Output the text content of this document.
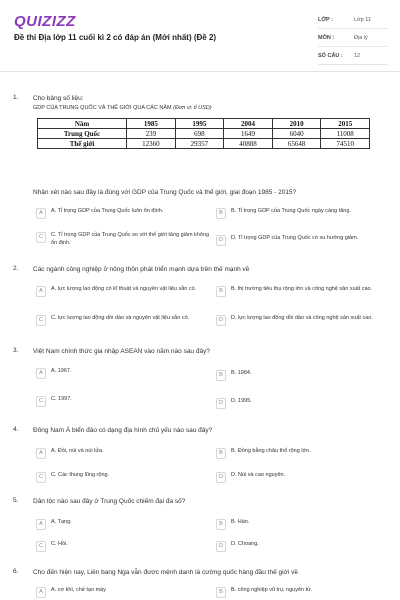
QUIZIZZ
Đề thi Địa lớp 11 cuối kì 2 có đáp án (Mới nhất) (Đề 2)
LỚP :	Lớp 11
MÔN :	Địa lý
SỐ CÂU :	12
1. Cho bảng số liệu:
GDP CỦA TRUNG QUỐC VÀ THẾ GIỚI QUA CÁC NĂM (Đơn vị: tỉ USD)
Năm	1985	1995	2004	2010	2015
Trung Quốc	239	698	1649	6040	11008
Thế giới	12360	29357	40888	65648	74510
Nhận xét nào sau đây là đúng với GDP của Trung Quốc và thế giới, giai đoạn 1985 - 2015?
A	A. Tỉ trọng GDP của Trung Quốc luôn ổn định.	B	B. Tỉ trọng GDP của Trung Quốc ngày càng tăng.
C	C. Tỉ trọng GDP của Trung Quốc so với thế giới tăng giảm không ổn định.	D	D. Tỉ trọng GDP của Trung Quốc có xu hướng giảm.
2. Các ngành công nghiệp ở nông thôn phát triển mạnh dựa trên thế mạnh về
A	A. lực lượng lao động có kĩ thuật và nguyên vật liệu sẵn có.	B	B. thị trường tiêu thụ rộng lớn và công nghệ sản xuất cao.
C	C. lực lượng lao động dồi dào và nguyên vật liệu sẵn có.	D	D. lực lượng lao động dồi dào và công nghệ sản xuất cao.
3. Việt Nam chính thức gia nhập ASEAN vào năm nào sau đây?
A	A. 1967.
B	B. 1984.
C	C. 1997.
D	D. 1995.
4. Đông Nam Á biển đảo có dạng địa hình chủ yếu nào sau đây?
A	A. Đồi, núi và núi lửa.	B	B. Đồng bằng châu thổ rộng lớn.
C	C. Các thung lũng rộng.	D	D. Núi và cao nguyên.
5. Dân tộc nào sau đây ở Trung Quốc chiếm đại đa số?
A	A. Tạng.	B	B. Hán.
C	C. Hồi.	D	D. Choang.
6. Cho đến hiện nay, Liên bang Nga vẫn được mệnh danh là cường quốc hàng đầu thế giới về
A	A. cơ khí, chế tạo máy	B	B. công nghiệp vũ trụ, nguyên tử.
